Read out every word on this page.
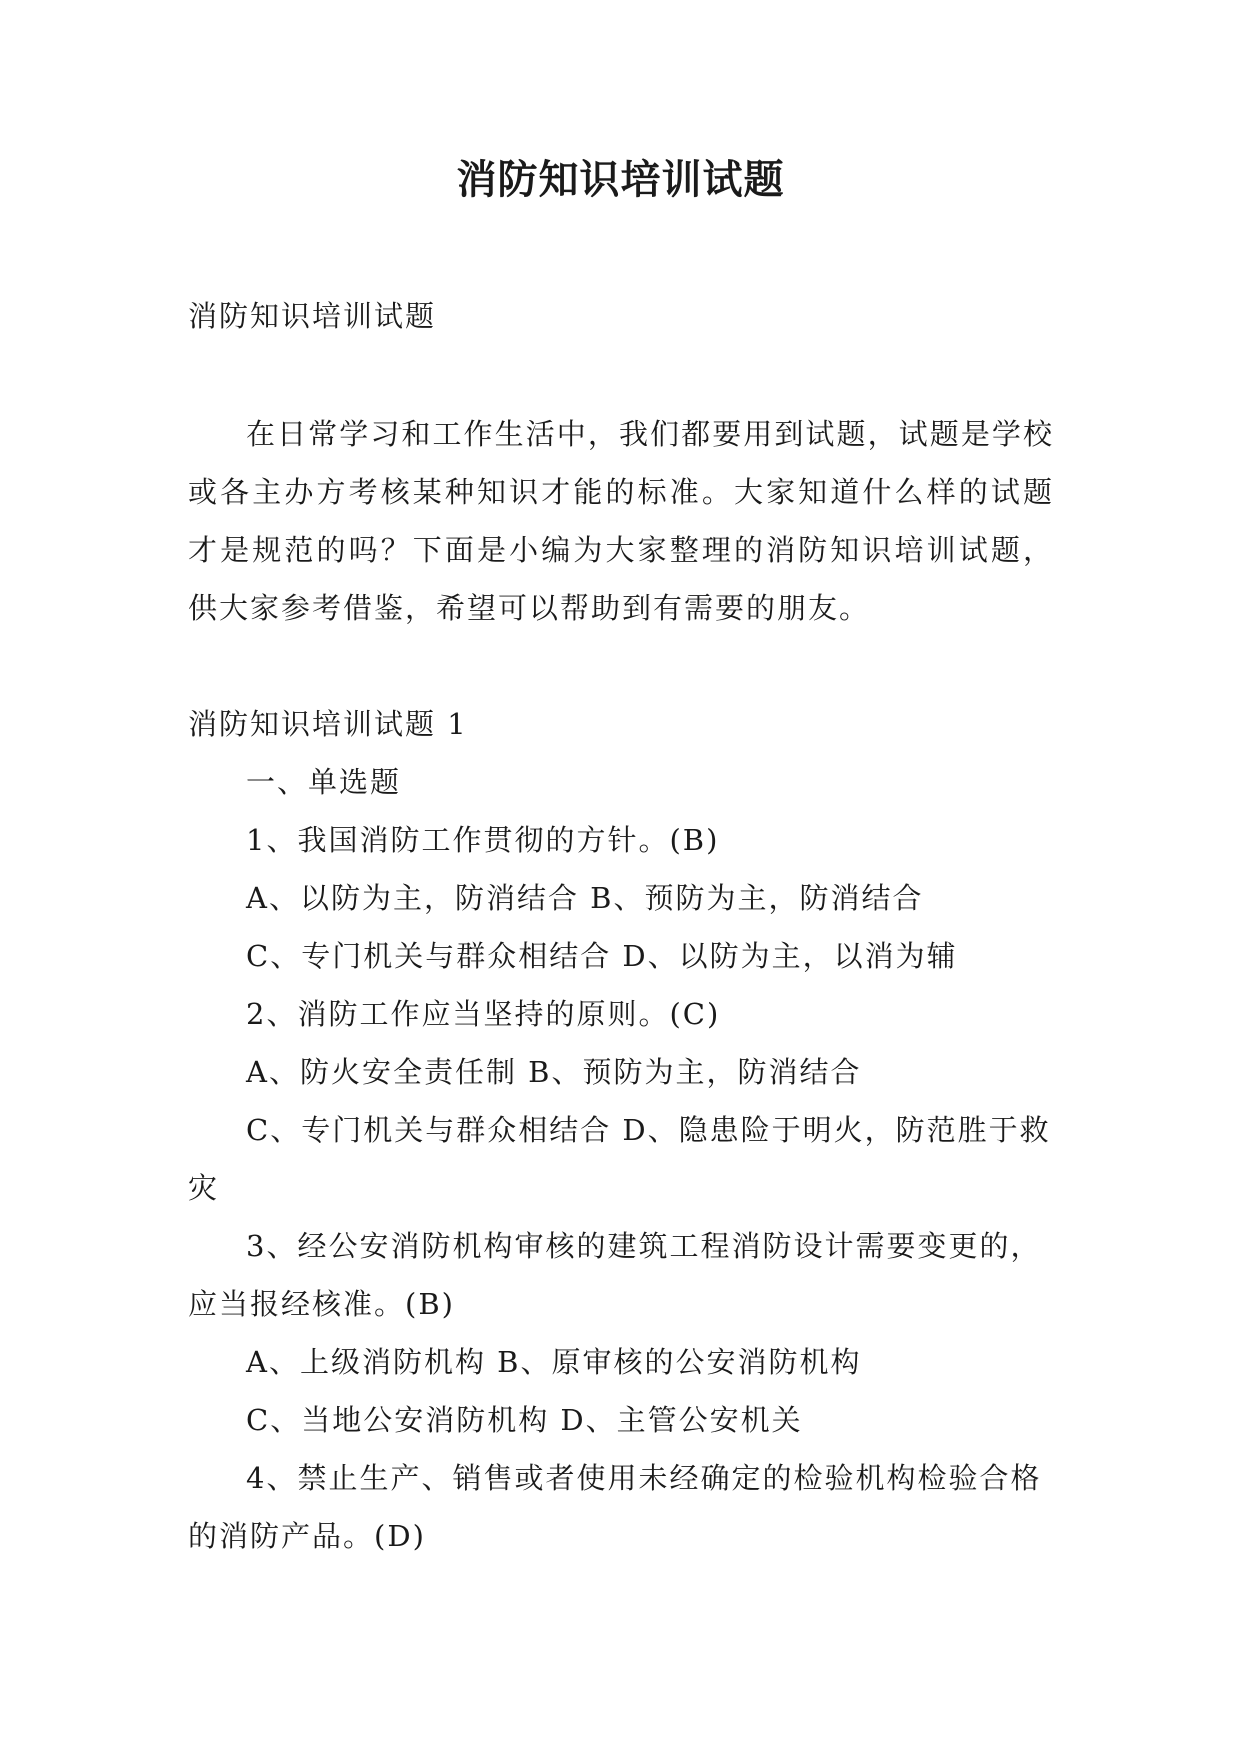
消防知识培训试题

消防知识培训试题

在日常学习和工作生活中，我们都要用到试题，试题是学校或各主办方考核某种知识才能的标准。大家知道什么样的试题才是规范的吗？下面是小编为大家整理的消防知识培训试题，供大家参考借鉴，希望可以帮助到有需要的朋友。

消防知识培训试题 1

一、单选题

1、我国消防工作贯彻的方针。(B)

A、以防为主，防消结合 B、预防为主，防消结合

C、专门机关与群众相结合 D、以防为主，以消为辅

2、消防工作应当坚持的原则。(C)

A、防火安全责任制 B、预防为主，防消结合

C、专门机关与群众相结合 D、隐患险于明火，防范胜于救灾

3、经公安消防机构审核的建筑工程消防设计需要变更的，应当报经核准。(B)

A、上级消防机构 B、原审核的公安消防机构

C、当地公安消防机构 D、主管公安机关

4、禁止生产、销售或者使用未经确定的检验机构检验合格的消防产品。(D)
